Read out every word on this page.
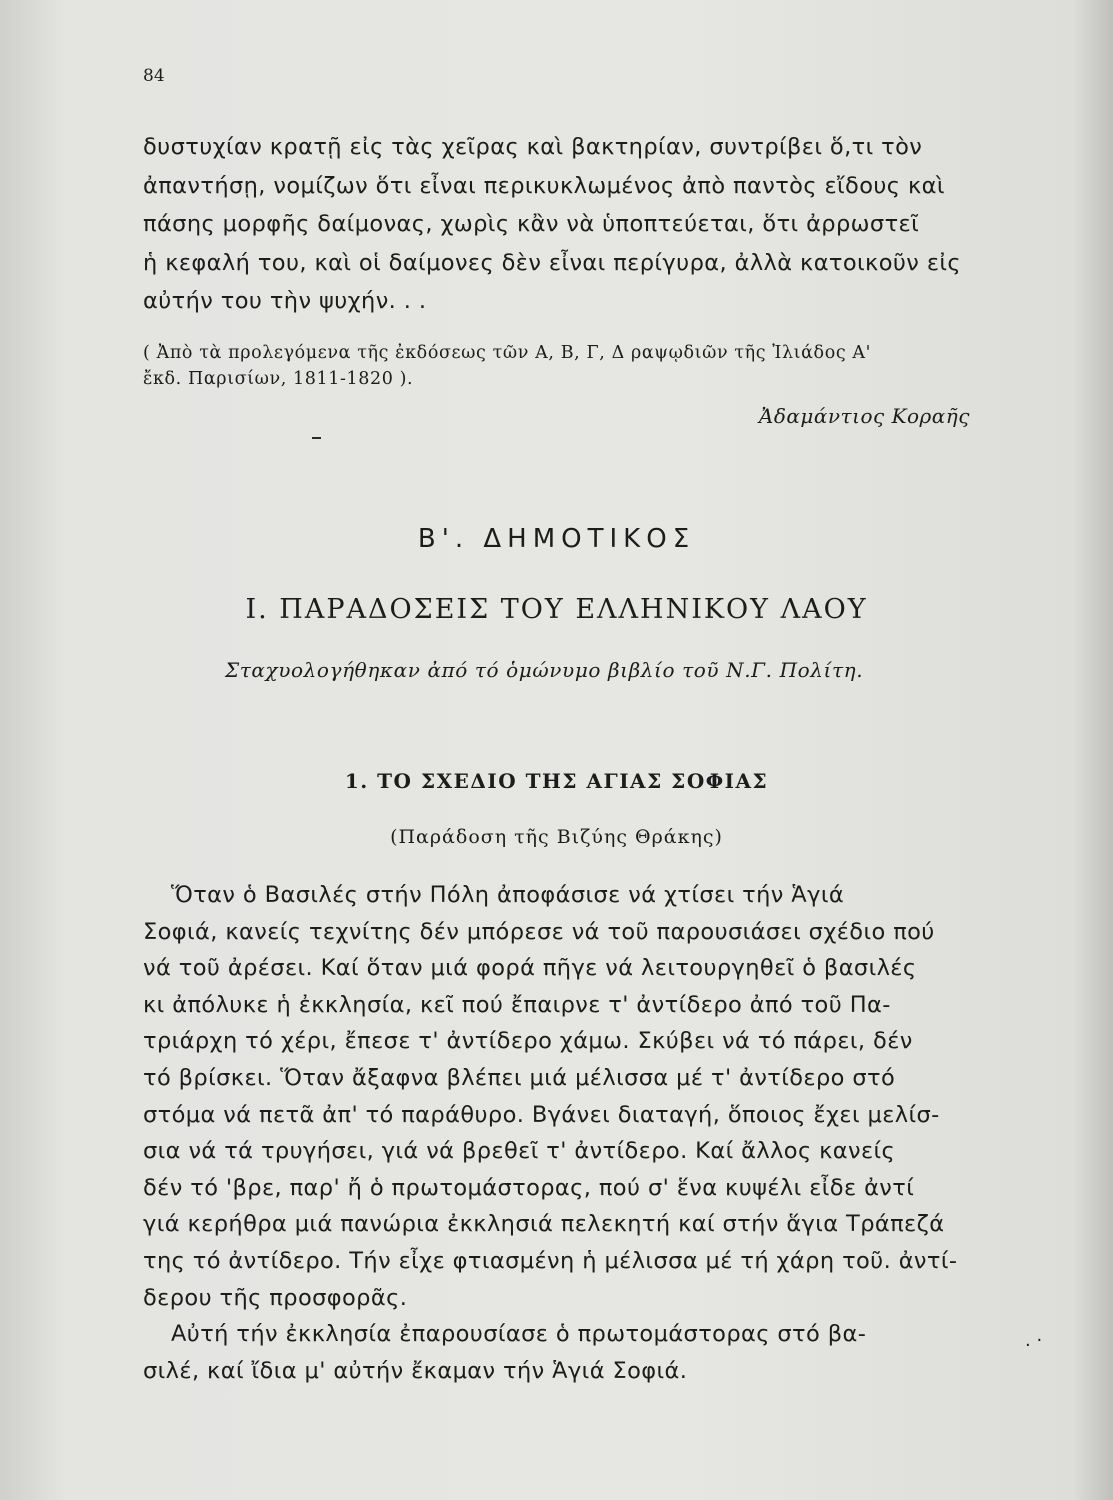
84
δυστυχίαν κρατῇ εἰς τὰς χεῖρας καὶ βακτηρίαν, συντρίβει ὅ,τι τὸν
ἀπαντήσῃ, νομίζων ὅτι εἶναι περικυκλωμένος ἀπὸ παντὸς εἴδους καὶ
πάσης μορφῆς δαίμονας, χωρὶς κἂν νὰ ὑποπτεύεται, ὅτι ἀρρωστεῖ
ἡ κεφαλή του, καὶ οἱ δαίμονες δὲν εἶναι περίγυρα, ἀλλὰ κατοικοῦν εἰς
αὐτήν του τὴν ψυχήν. . .
( Ἀπὸ τὰ προλεγόμενα τῆς ἐκδόσεως τῶν Α, Β, Γ, Δ ραψῳδιῶν τῆς Ἰλιάδος Α'
ἔκδ. Παρισίων, 1811-1820 ).
Ἀδαμάντιος Κοραῆς
Β'. ΔΗΜΟΤΙΚΟΣ
Ι. ΠΑΡΑΔΟΣΕΙΣ ΤΟΥ ΕΛΛΗΝΙΚΟΥ ΛΑΟΥ
Σταχυολογήθηκαν ἀπό τό ὁμώνυμο βιβλίο τοῦ Ν.Γ. Πολίτη.
1. ΤΟ ΣΧΕΔΙΟ ΤΗΣ ΑΓΙΑΣ ΣΟΦΙΑΣ
(Παράδοση τῆς Βιζύης Θράκης)
Ὅταν ὁ Βασιλές στήν Πόλη ἀποφάσισε νά χτίσει τήν Ἁγιά
Σοφιά, κανείς τεχνίτης δέν μπόρεσε νά τοῦ παρουσιάσει σχέδιο πού
νά τοῦ ἀρέσει. Καί ὅταν μιά φορά πῆγε νά λειτουργηθεῖ ὁ βασιλές
κι ἀπόλυκε ἡ ἐκκλησία, κεῖ πού ἔπαιρνε τ' ἀντίδερο ἀπό τοῦ Πα-
τριάρχη τό χέρι, ἔπεσε τ' ἀντίδερο χάμω. Σκύβει νά τό πάρει, δέν
τό βρίσκει. Ὅταν ἄξαφνα βλέπει μιά μέλισσα μέ τ' ἀντίδερο στό
στόμα νά πετᾶ ἀπ' τό παράθυρο. Βγάνει διαταγή, ὅποιος ἔχει μελίσ-
σια νά τά τρυγήσει, γιά νά βρεθεῖ τ' ἀντίδερο. Καί ἄλλος κανείς
δέν τό 'βρε, παρ' ἤ ὁ πρωτομάστορας, πού σ' ἕνα κυψέλι εἶδε ἀντί
γιά κερήθρα μιά πανώρια ἐκκλησιά πελεκητή καί στήν ἅγια Τράπεζά
της τό ἀντίδερο. Τήν εἶχε φτιασμένη ἡ μέλισσα μέ τή χάρη τοῦ. ἀντί-
δερου τῆς προσφορᾶς.
Αὐτή τήν ἐκκλησία ἐπαρουσίασε ὁ πρωτομάστορας στό βα-
σιλέ, καί ἴδια μ' αὐτήν ἔκαμαν τήν Ἁγιά Σοφιά.
. ·
